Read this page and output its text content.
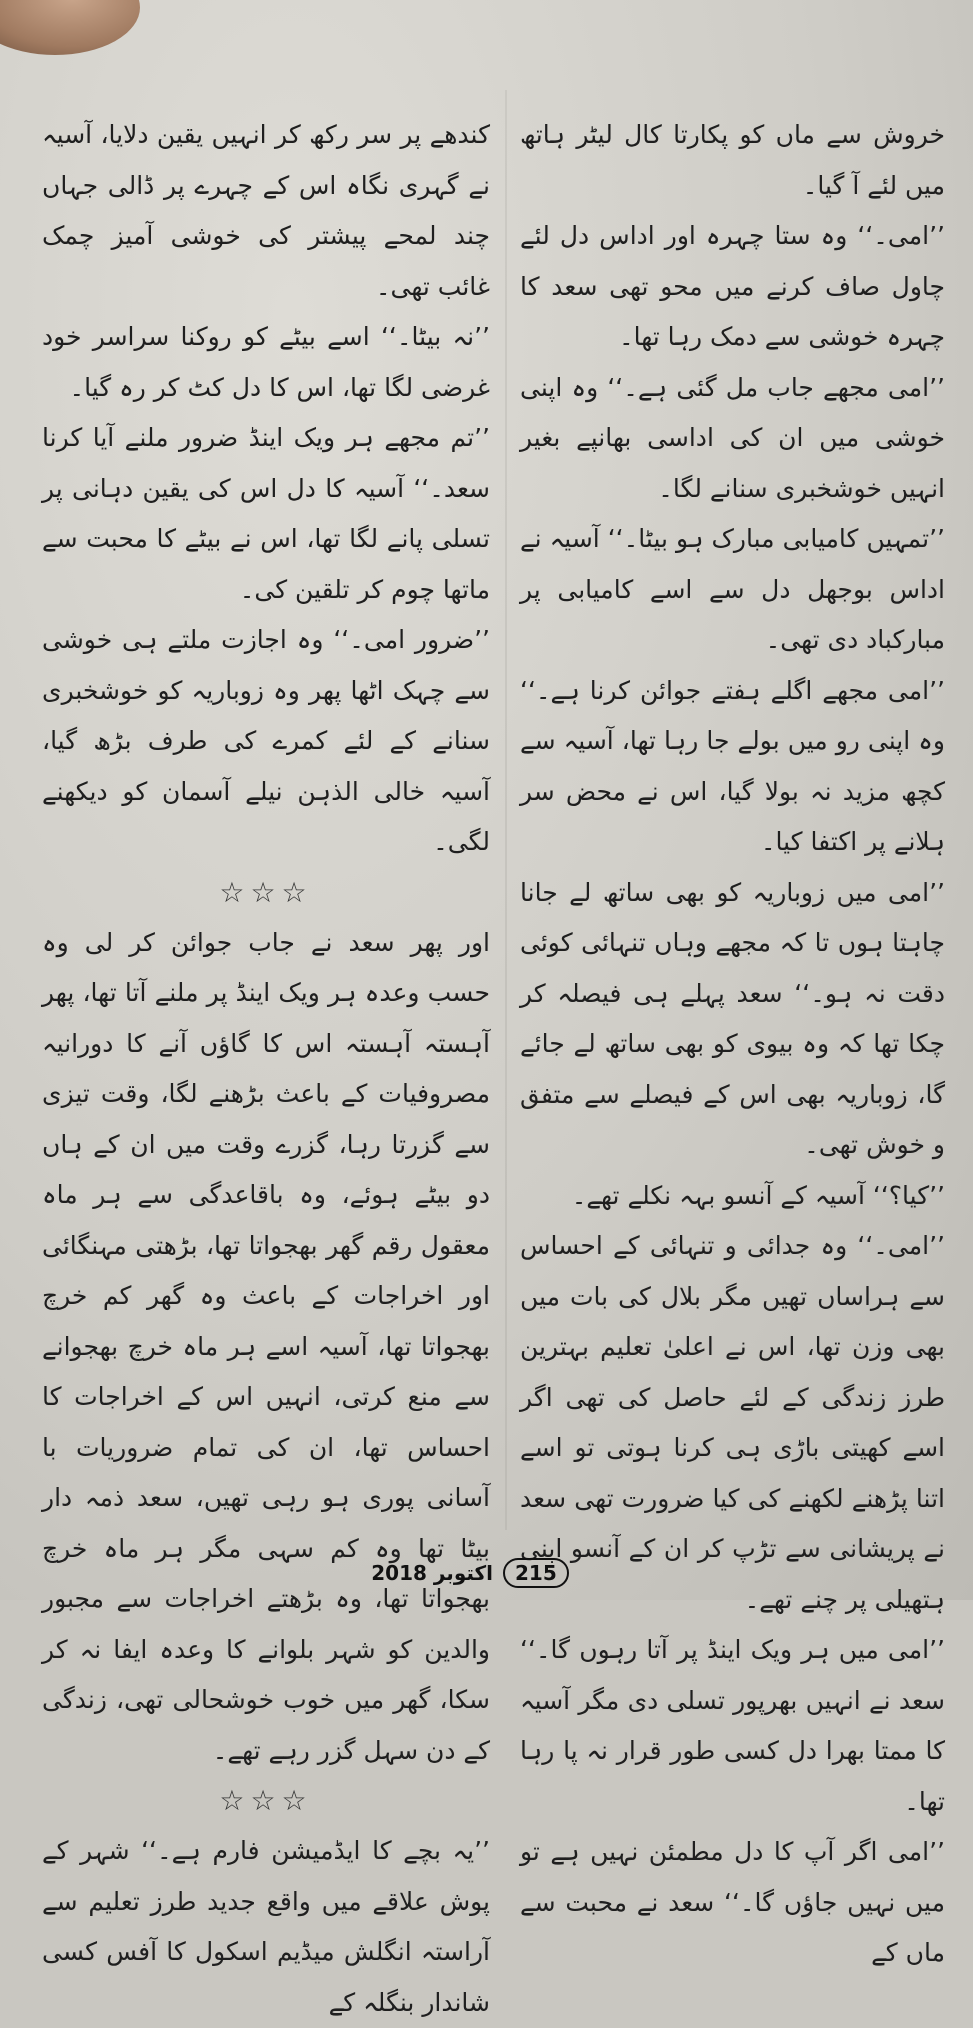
خروش سے ماں کو پکارتا کال لیٹر ہاتھ میں لئے آ گیا۔

’’امی۔‘‘ وہ ستا چہرہ اور اداس دل لئے چاول صاف کرنے میں محو تھی سعد کا چہرہ خوشی سے دمک رہا تھا۔

’’امی مجھے جاب مل گئی ہے۔‘‘ وہ اپنی خوشی میں ان کی اداسی بھانپے بغیر انہیں خوشخبری سنانے لگا۔

’’تمہیں کامیابی مبارک ہو بیٹا۔‘‘ آسیہ نے اداس بوجھل دل سے اسے کامیابی پر مبارکباد دی تھی۔

’’امی مجھے اگلے ہفتے جوائن کرنا ہے۔‘‘ وہ اپنی رو میں بولے جا رہا تھا، آسیہ سے کچھ مزید نہ بولا گیا، اس نے محض سر ہلانے پر اکتفا کیا۔

’’امی میں زوباریہ کو بھی ساتھ لے جانا چاہتا ہوں تا کہ مجھے وہاں تنہائی کوئی دقت نہ ہو۔‘‘ سعد پہلے ہی فیصلہ کر چکا تھا کہ وہ بیوی کو بھی ساتھ لے جائے گا، زوباریہ بھی اس کے فیصلے سے متفق و خوش تھی۔

’’کیا؟‘‘ آسیہ کے آنسو بہہ نکلے تھے۔

’’امی۔‘‘ وہ جدائی و تنہائی کے احساس سے ہراساں تھیں مگر بلال کی بات میں بھی وزن تھا، اس نے اعلیٰ تعلیم بہترین طرز زندگی کے لئے حاصل کی تھی اگر اسے کھیتی باڑی ہی کرنا ہوتی تو اسے اتنا پڑھنے لکھنے کی کیا ضرورت تھی سعد نے پریشانی سے تڑپ کر ان کے آنسو اپنی ہتھیلی پر چنے تھے۔

’’امی میں ہر ویک اینڈ پر آتا رہوں گا۔‘‘ سعد نے انہیں بھرپور تسلی دی مگر آسیہ کا ممتا بھرا دل کسی طور قرار نہ پا رہا تھا۔

’’امی اگر آپ کا دل مطمئن نہیں ہے تو میں نہیں جاؤں گا۔‘‘ سعد نے محبت سے ماں کے

کندھے پر سر رکھ کر انہیں یقین دلایا، آسیہ نے گہری نگاہ اس کے چہرے پر ڈالی جہاں چند لمحے پیشتر کی خوشی آمیز چمک غائب تھی۔

’’نہ بیٹا۔‘‘ اسے بیٹے کو روکنا سراسر خود غرضی لگا تھا، اس کا دل کٹ کر رہ گیا۔

’’تم مجھے ہر ویک اینڈ ضرور ملنے آیا کرنا سعد۔‘‘ آسیہ کا دل اس کی یقین دہانی پر تسلی پانے لگا تھا، اس نے بیٹے کا محبت سے ماتھا چوم کر تلقین کی۔

’’ضرور امی۔‘‘ وہ اجازت ملتے ہی خوشی سے چہک اٹھا پھر وہ زوباریہ کو خوشخبری سنانے کے لئے کمرے کی طرف بڑھ گیا، آسیہ خالی الذہن نیلے آسمان کو دیکھنے لگی۔

☆☆☆

اور پھر سعد نے جاب جوائن کر لی وہ حسب وعدہ ہر ویک اینڈ پر ملنے آتا تھا، پھر آہستہ آہستہ اس کا گاؤں آنے کا دورانیہ مصروفیات کے باعث بڑھنے لگا، وقت تیزی سے گزرتا رہا، گزرے وقت میں ان کے ہاں دو بیٹے ہوئے، وہ باقاعدگی سے ہر ماہ معقول رقم گھر بھجواتا تھا، بڑھتی مہنگائی اور اخراجات کے باعث وہ گھر کم خرچ بھجواتا تھا، آسیہ اسے ہر ماہ خرچ بھجوانے سے منع کرتی، انہیں اس کے اخراجات کا احساس تھا، ان کی تمام ضروریات با آسانی پوری ہو رہی تھیں، سعد ذمہ دار بیٹا تھا وہ کم سہی مگر ہر ماہ خرچ بھجواتا تھا، وہ بڑھتے اخراجات سے مجبور والدین کو شہر بلوانے کا وعدہ ایفا نہ کر سکا، گھر میں خوب خوشحالی تھی، زندگی کے دن سہل گزر رہے تھے۔

☆☆☆

’’یہ بچے کا ایڈمیشن فارم ہے۔‘‘ شہر کے پوش علاقے میں واقع جدید طرز تعلیم سے آراستہ انگلش میڈیم اسکول کا آفس کسی شاندار بنگلہ کے

اکتوبر 2018	215
